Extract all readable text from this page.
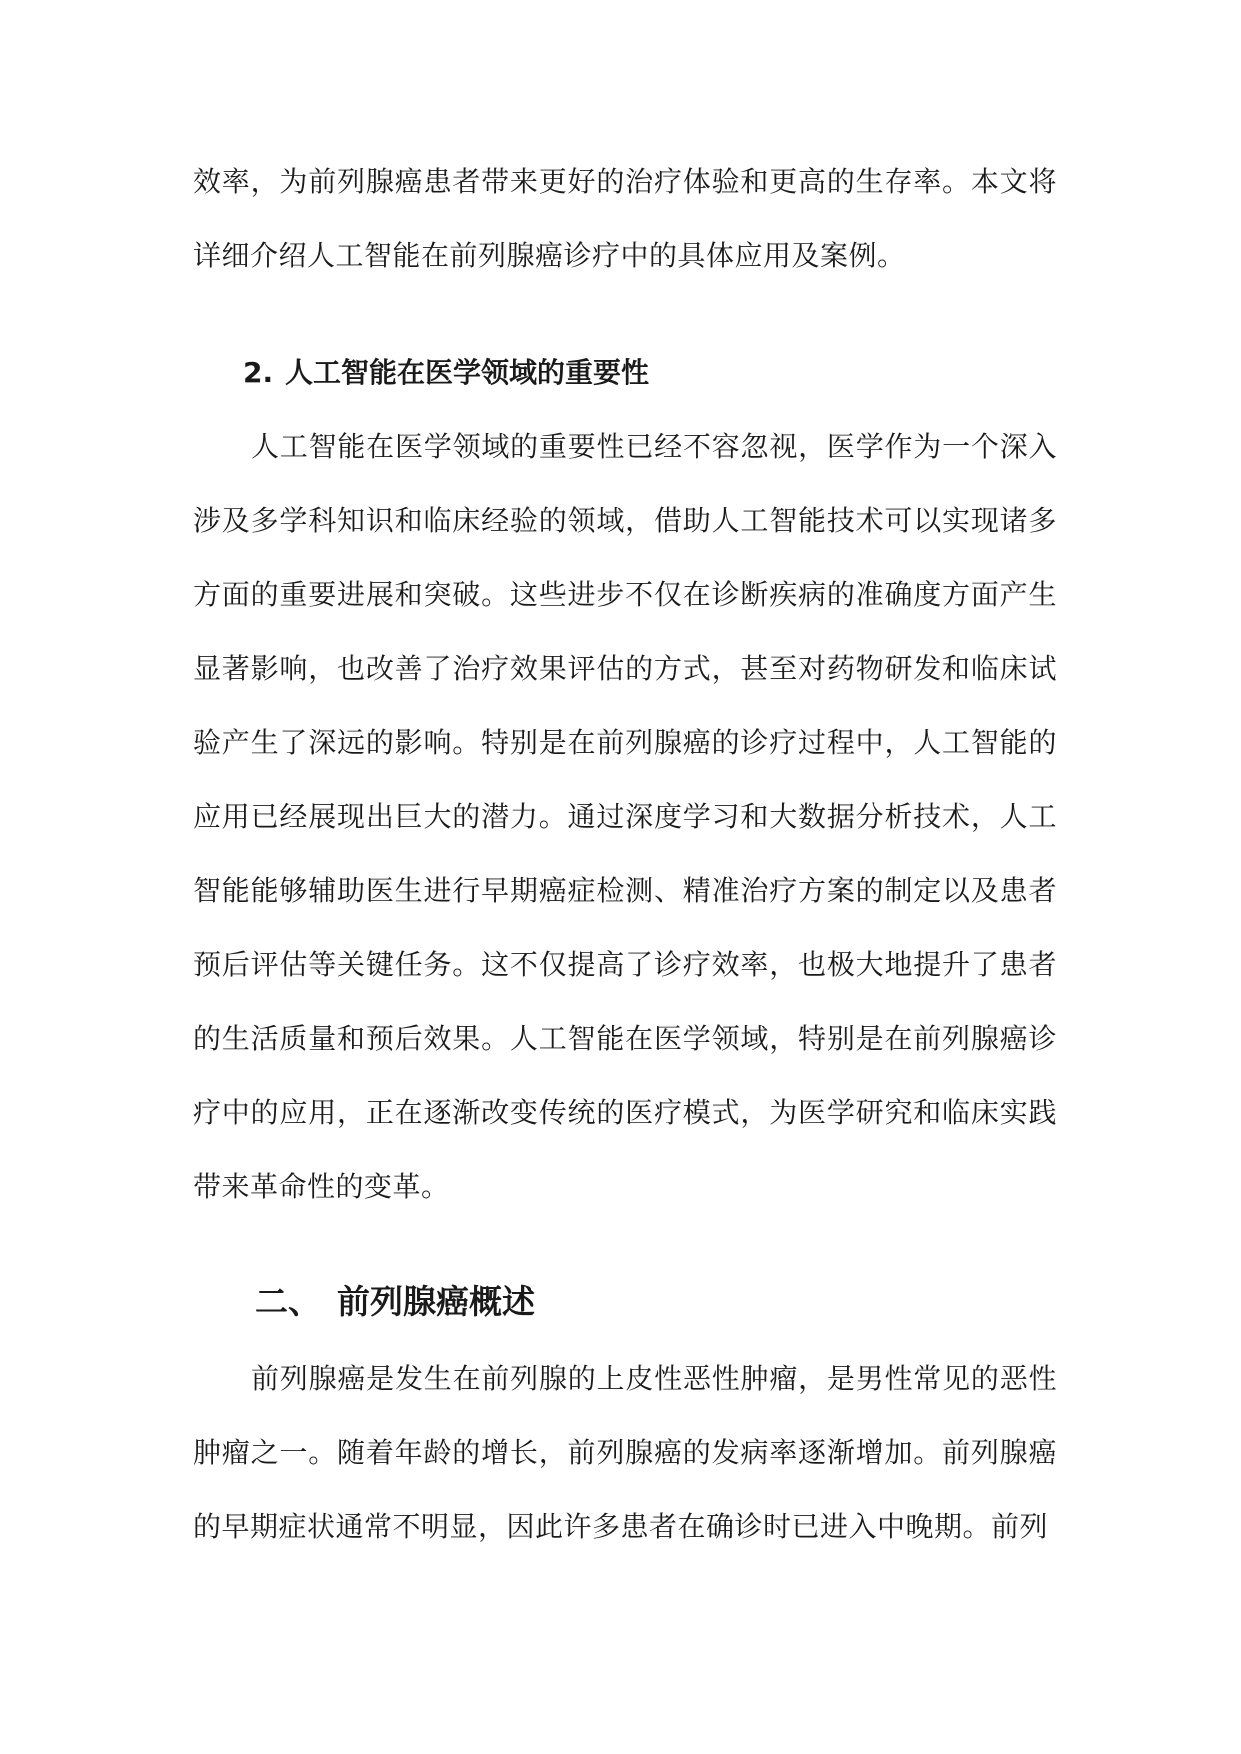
效率，为前列腺癌患者带来更好的治疗体验和更高的生存率。本文将详细介绍人工智能在前列腺癌诊疗中的具体应用及案例。

2. 人工智能在医学领域的重要性

人工智能在医学领域的重要性已经不容忽视，医学作为一个深入涉及多学科知识和临床经验的领域，借助人工智能技术可以实现诸多方面的重要进展和突破。这些进步不仅在诊断疾病的准确度方面产生显著影响，也改善了治疗效果评估的方式，甚至对药物研发和临床试验产生了深远的影响。特别是在前列腺癌的诊疗过程中，人工智能的应用已经展现出巨大的潜力。通过深度学习和大数据分析技术，人工智能能够辅助医生进行早期癌症检测、精准治疗方案的制定以及患者预后评估等关键任务。这不仅提高了诊疗效率，也极大地提升了患者的生活质量和预后效果。人工智能在医学领域，特别是在前列腺癌诊疗中的应用，正在逐渐改变传统的医疗模式，为医学研究和临床实践带来革命性的变革。

二、 前列腺癌概述

前列腺癌是发生在前列腺的上皮性恶性肿瘤，是男性常见的恶性肿瘤之一。随着年龄的增长，前列腺癌的发病率逐渐增加。前列腺癌的早期症状通常不明显，因此许多患者在确诊时已进入中晚期。前列
